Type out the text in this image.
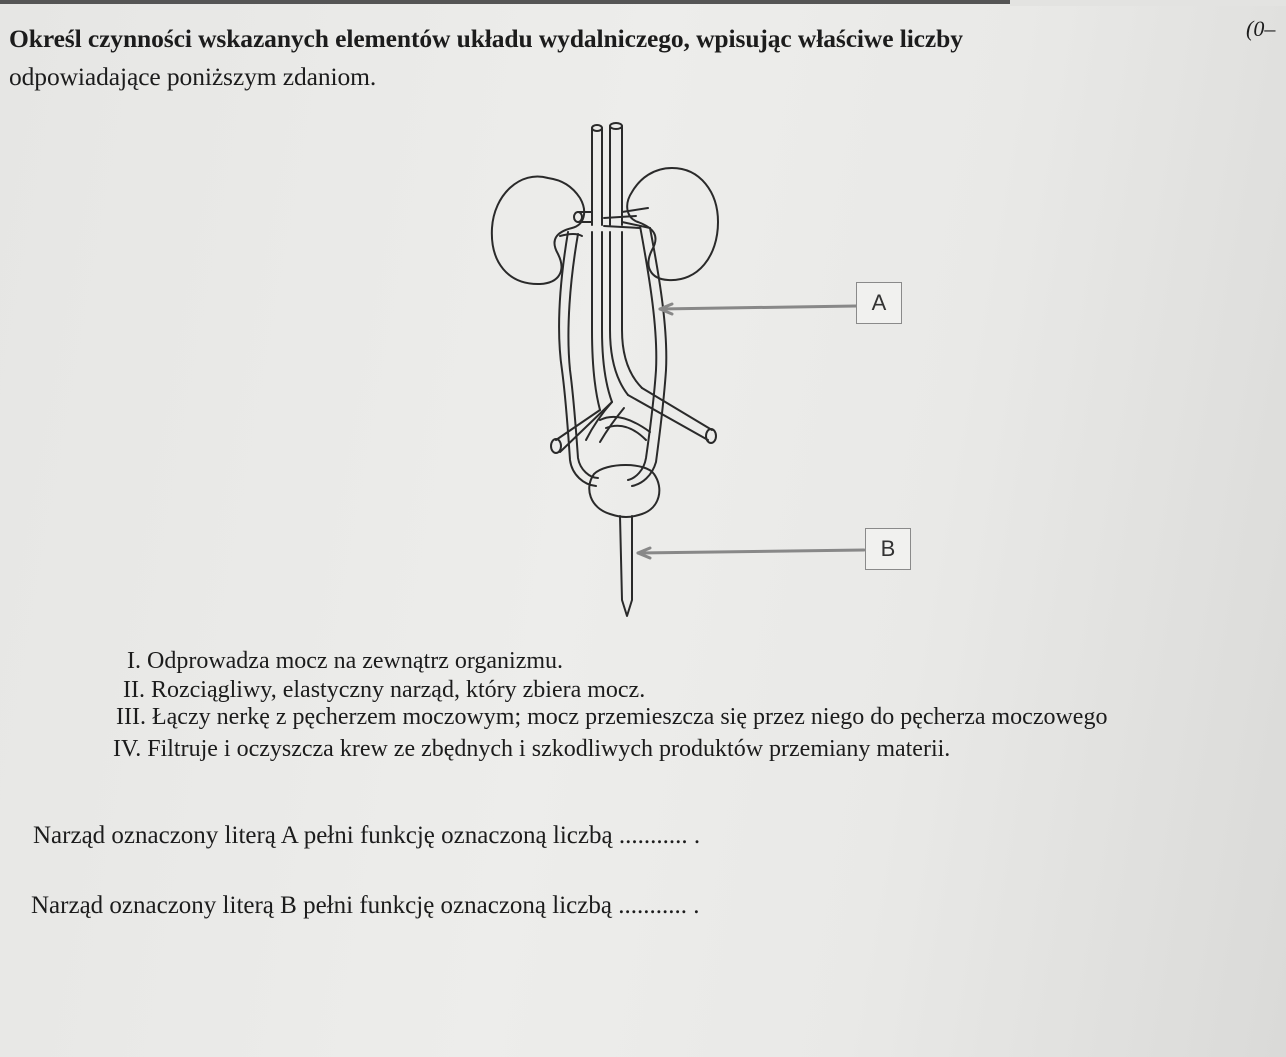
Określ czynności wskazanych elementów układu wydalniczego, wpisując właściwe liczby
odpowiadające poniższym zdaniom.
(0–
A
B
I. Odprowadza mocz na zewnątrz organizmu.
II. Rozciągliwy, elastyczny narząd, który zbiera mocz.
III. Łączy nerkę z pęcherzem moczowym; mocz przemieszcza się przez niego do pęcherza moczowego
IV. Filtruje i oczyszcza krew ze zbędnych i szkodliwych produktów przemiany materii.
Narząd oznaczony literą A pełni funkcję oznaczoną liczbą ........... .
Narząd oznaczony literą B pełni funkcję oznaczoną liczbą ........... .
